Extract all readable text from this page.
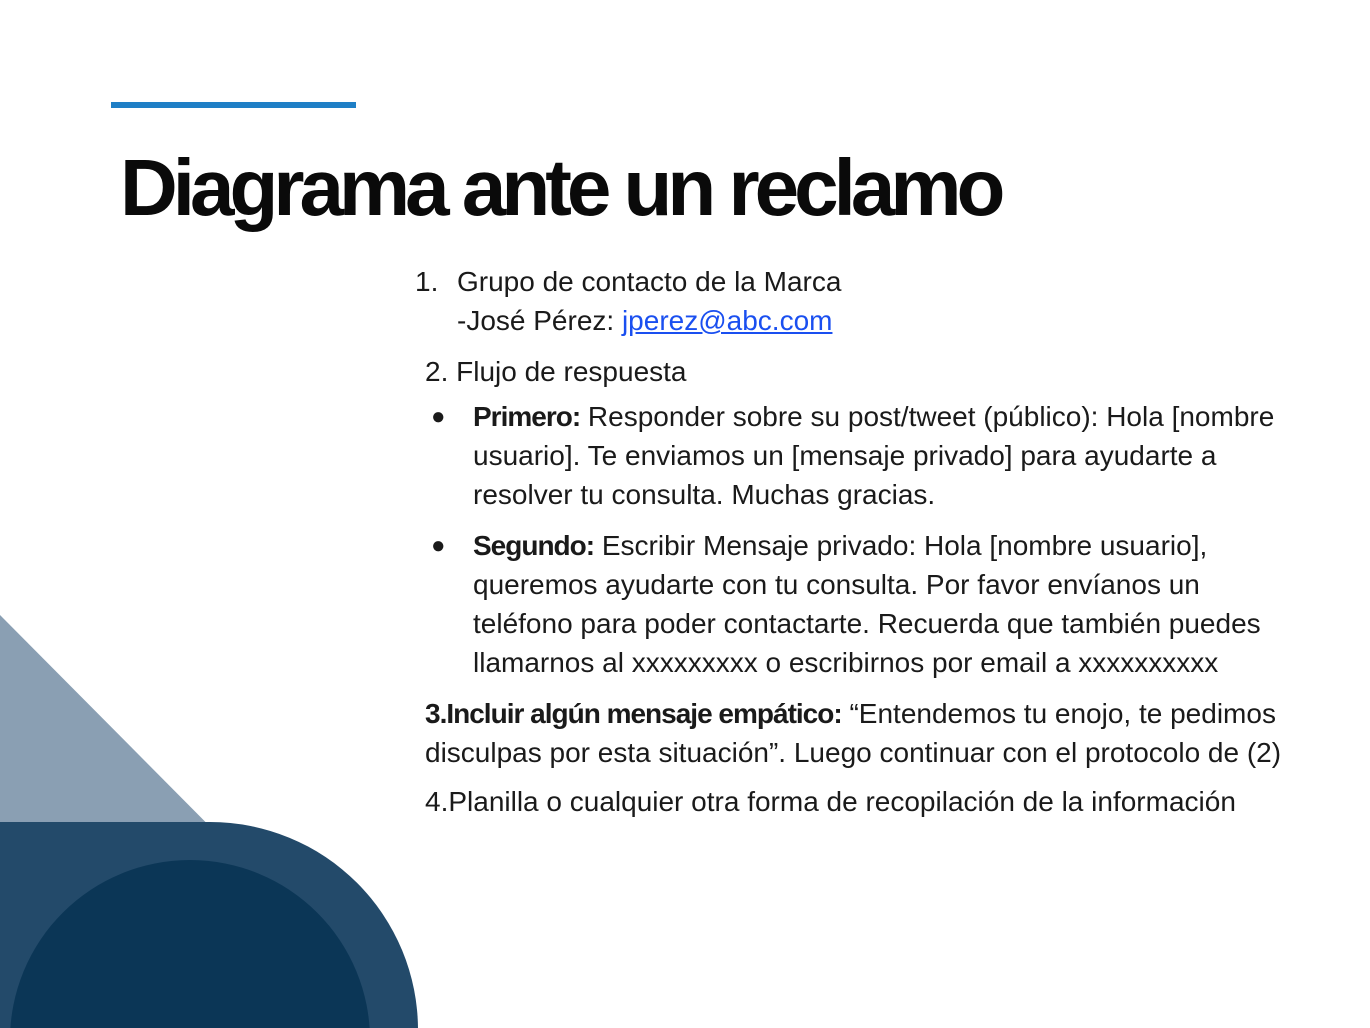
Diagrama ante un reclamo
1. Grupo de contacto de la Marca
-José Pérez: jperez@abc.com
2. Flujo de respuesta
● Primero: Responder sobre su post/tweet (público): Hola [nombre usuario]. Te enviamos un [mensaje privado] para ayudarte a resolver tu consulta. Muchas gracias.
● Segundo: Escribir Mensaje privado: Hola [nombre usuario], queremos ayudarte con tu consulta. Por favor envíanos un teléfono para poder contactarte. Recuerda que también puedes llamarnos al xxxxxxxxx o escribirnos por email a xxxxxxxxxx

3.Incluir algún mensaje empático: “Entendemos tu enojo, te pedimos disculpas por esta situación”. Luego continuar con el protocolo de (2)

4.Planilla o cualquier otra forma de recopilación de la información
